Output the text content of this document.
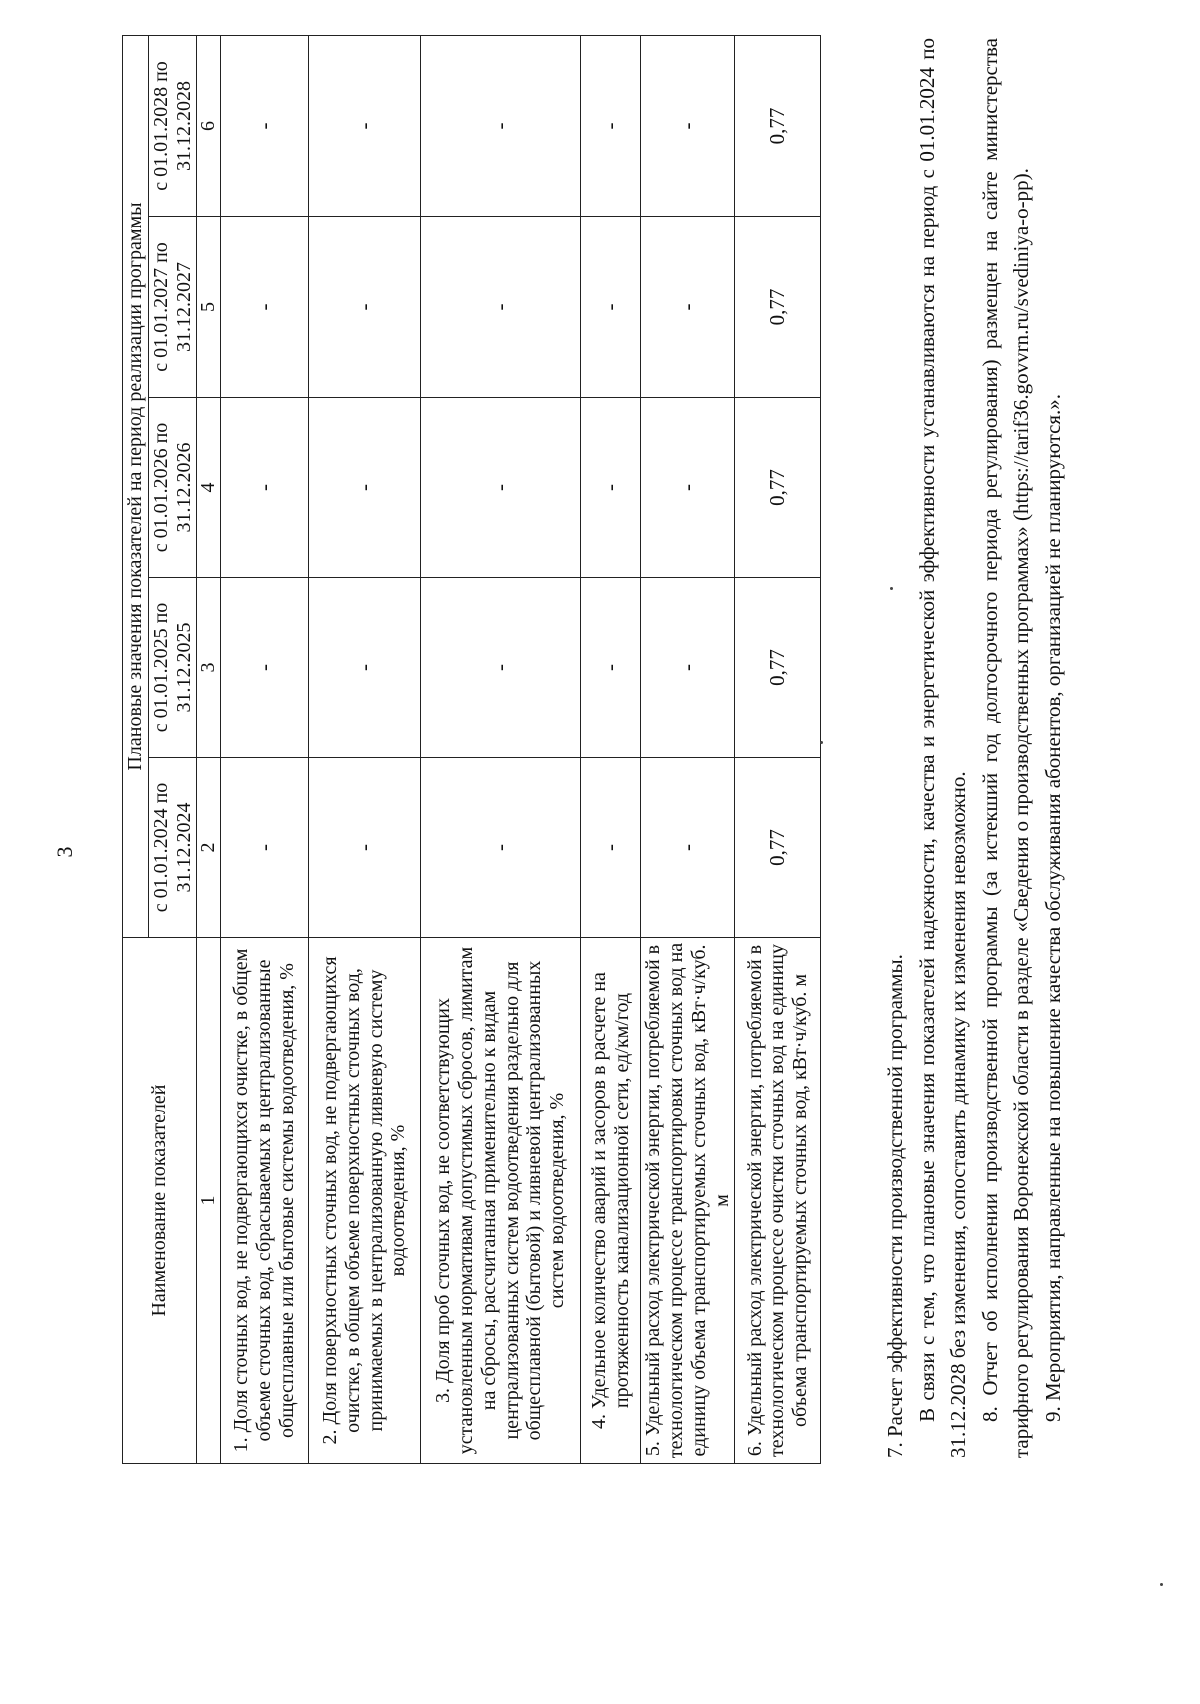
3
Наименование показателей	Плановые значения показателей на период реализации программы				
	с 01.01.2024 по 31.12.2024	с 01.01.2025 по 31.12.2025	с 01.01.2026 по 31.12.2026	с 01.01.2027 по 31.12.2027	с 01.01.2028 по 31.12.2028
1	2	3	4	5	6
1. Доля сточных вод, не подвергающихся очистке, в общем объеме сточных вод, сбрасываемых в централизованные общесплавные или бытовые системы водоотведения, %	-	-	-	-	-
2. Доля поверхностных сточных вод, не подвергающихся очистке, в общем объеме поверхностных сточных вод, принимаемых в централизованную ливневую систему водоотведения, %	-	-	-	-	-
3. Доля проб сточных вод, не соответствующих установленным нормативам допустимых сбросов, лимитам на сбросы, рассчитанная применительно к видам централизованных систем водоотведения раздельно для общесплавной (бытовой) и ливневой централизованных систем водоотведения, %	-	-	-	-	-
4. Удельное количество аварий и засоров в расчете на протяженность канализационной сети, ед/км/год	-	-	-	-	-
5. Удельный расход электрической энергии, потребляемой в технологическом процессе транспортировки сточных вод на единицу объема транспортируемых сточных вод, кВт·ч/куб. м	-	-	-	-	-
6. Удельный расход электрической энергии, потребляемой в технологическом процессе очистки сточных вод на единицу объема транспортируемых сточных вод, кВт·ч/куб. м	0,77	0,77	0,77	0,77	0,77

7. Расчет эффективности производственной программы. В связи с тем, что плановые значения показателей надежности, качества и энергетической эффективности устанавливаются на период с 01.01.2024 по 31.12.2028 без изменения, сопоставить динамику их изменения невозможно. 8. Отчет об исполнении производственной программы (за истекший год долгосрочного периода регулирования) размещен на сайте министерства тарифного регулирования Воронежской области в разделе «Сведения о производственных программах» (https://tarif36.govvrn.ru/svediniya-o-pp). 9. Мероприятия, направленные на повышение качества обслуживания абонентов, организацией не планируются.».
